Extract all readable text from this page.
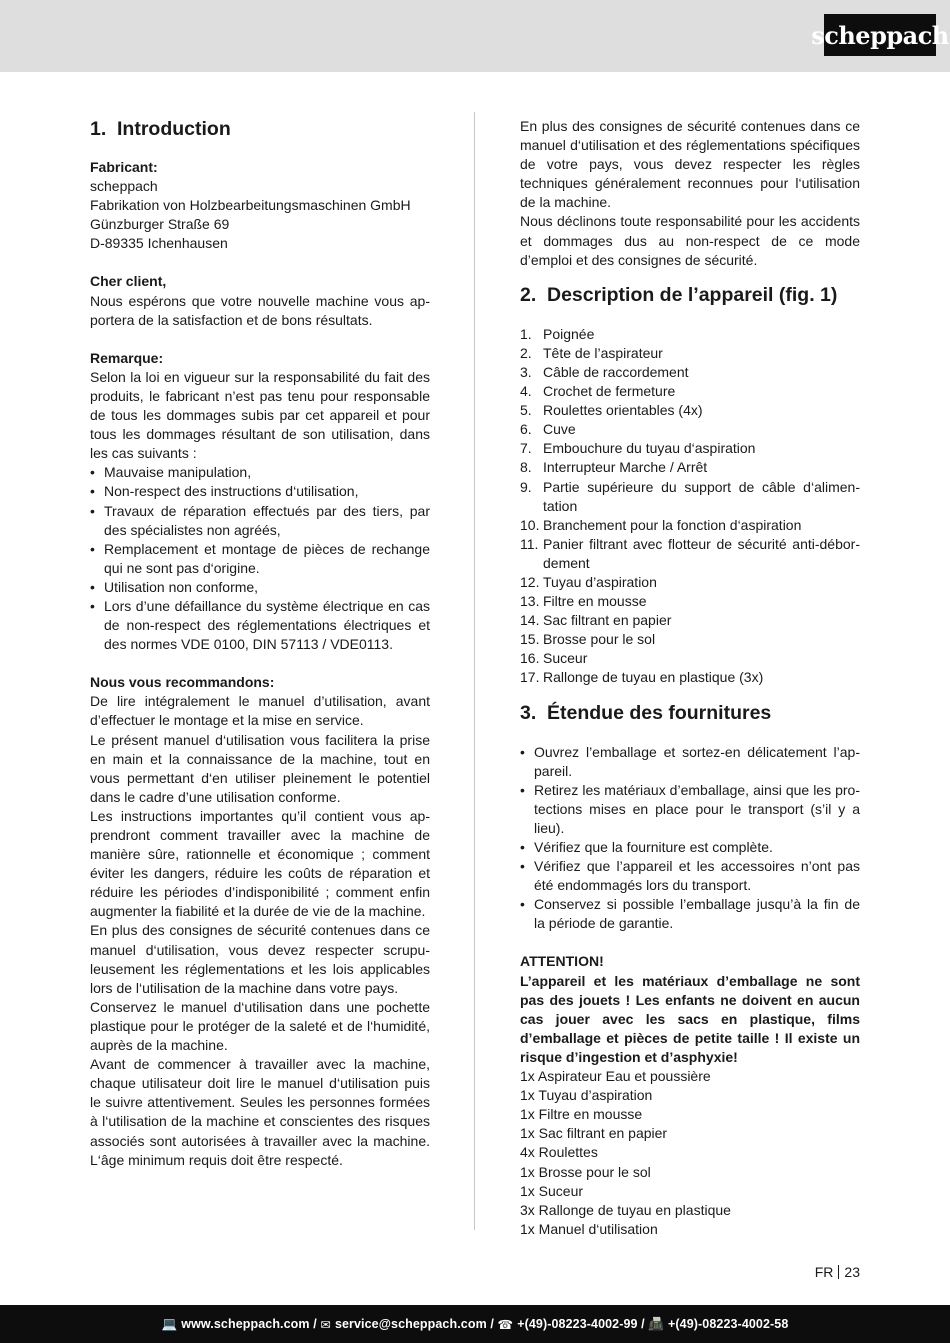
scheppach
1. Introduction
Fabricant:
scheppach
Fabrikation von Holzbearbeitungsmaschinen GmbH
Günzburger Straße 69
D-89335 Ichenhausen
Cher client,

Nous espérons que votre nouvelle machine vous apportera de la satisfaction et de bons résultats.

Remarque:

Selon la loi en vigueur sur la responsabilité du fait des produits, le fabricant n’est pas tenu pour responsable de tous les dommages subis par cet appareil et pour tous les dommages résultant de son utilisation, dans les cas suivants :

• Mauvaise manipulation,
• Non-respect des instructions d‘utilisation,
• Travaux de réparation effectués par des tiers, par des spécialistes non agréés,
• Remplacement et montage de pièces de rechange qui ne sont pas d‘origine.
• Utilisation non conforme,
• Lors d’une défaillance du système électrique en cas de non-respect des réglementations électriques et des normes VDE 0100, DIN 57113 / VDE0113.
Nous vous recommandons:

De lire intégralement le manuel d’utilisation, avant d’effectuer le montage et la mise en service.

Le présent manuel d‘utilisation vous facilitera la prise en main et la connaissance de la machine, tout en vous permettant d‘en utiliser pleinement le potentiel dans le cadre d’une utilisation conforme.

Les instructions importantes qu’il contient vous apprendront comment travailler avec la machine de manière sûre, rationnelle et économique ; comment éviter les dangers, réduire les coûts de réparation et réduire les périodes d’indisponibilité ; comment enfin augmenter la fiabilité et la durée de vie de la machine.

En plus des consignes de sécurité contenues dans ce manuel d‘utilisation, vous devez respecter scrupuleusement les réglementations et les lois applicables lors de l‘utilisation de la machine dans votre pays.

Conservez le manuel d‘utilisation dans une pochette plastique pour le protéger de la saleté et de l‘humidité, auprès de la machine.

Avant de commencer à travailler avec la machine, chaque utilisateur doit lire le manuel d‘utilisation puis le suivre attentivement. Seules les personnes formées à l‘utilisation de la machine et conscientes des risques associés sont autorisées à travailler avec la machine. L‘âge minimum requis doit être respecté.

En plus des consignes de sécurité contenues dans ce manuel d‘utilisation et des réglementations spécifiques de votre pays, vous devez respecter les règles techniques généralement reconnues pour l‘utilisation de la machine.

Nous déclinons toute responsabilité pour les accidents et dommages dus au non-respect de ce mode d’emploi et des consignes de sécurité.

2. Description de l’appareil (fig. 1)
1. Poignée
2. Tête de l’aspirateur
3. Câble de raccordement
4. Crochet de fermeture
5. Roulettes orientables (4x)
6. Cuve
7. Embouchure du tuyau d‘aspiration
8. Interrupteur Marche / Arrêt
9. Partie supérieure du support de câble d‘alimentation
10. Branchement pour la fonction d‘aspiration
11. Panier filtrant avec flotteur de sécurité anti-débordement
12. Tuyau d’aspiration
13. Filtre en mousse
14. Sac filtrant en papier
15. Brosse pour le sol
16. Suceur
17. Rallonge de tuyau en plastique (3x)
3. Étendue des fournitures
• Ouvrez l’emballage et sortez-en délicatement l’appareil.
• Retirez les matériaux d’emballage, ainsi que les protections mises en place pour le transport (s’il y a lieu).
• Vérifiez que la fourniture est complète.
• Vérifiez que l’appareil et les accessoires n’ont pas été endommagés lors du transport.
• Conservez si possible l’emballage jusqu’à la fin de la période de garantie.
ATTENTION!

L’appareil et les matériaux d’emballage ne sont pas des jouets ! Les enfants ne doivent en aucun cas jouer avec les sacs en plastique, films d’emballage et pièces de petite taille ! Il existe un risque d’ingestion et d’asphyxie!

1x Aspirateur Eau et poussière
1x Tuyau d’aspiration
1x Filtre en mousse
1x Sac filtrant en papier
4x Roulettes
1x Brosse pour le sol
1x Suceur
3x Rallonge de tuyau en plastique
1x Manuel d‘utilisation
FR 23
💻 www.scheppach.com /
✉ service@scheppach.com /
☎ +(49)-08223-4002-99 /
📠 +(49)-08223-4002-58
